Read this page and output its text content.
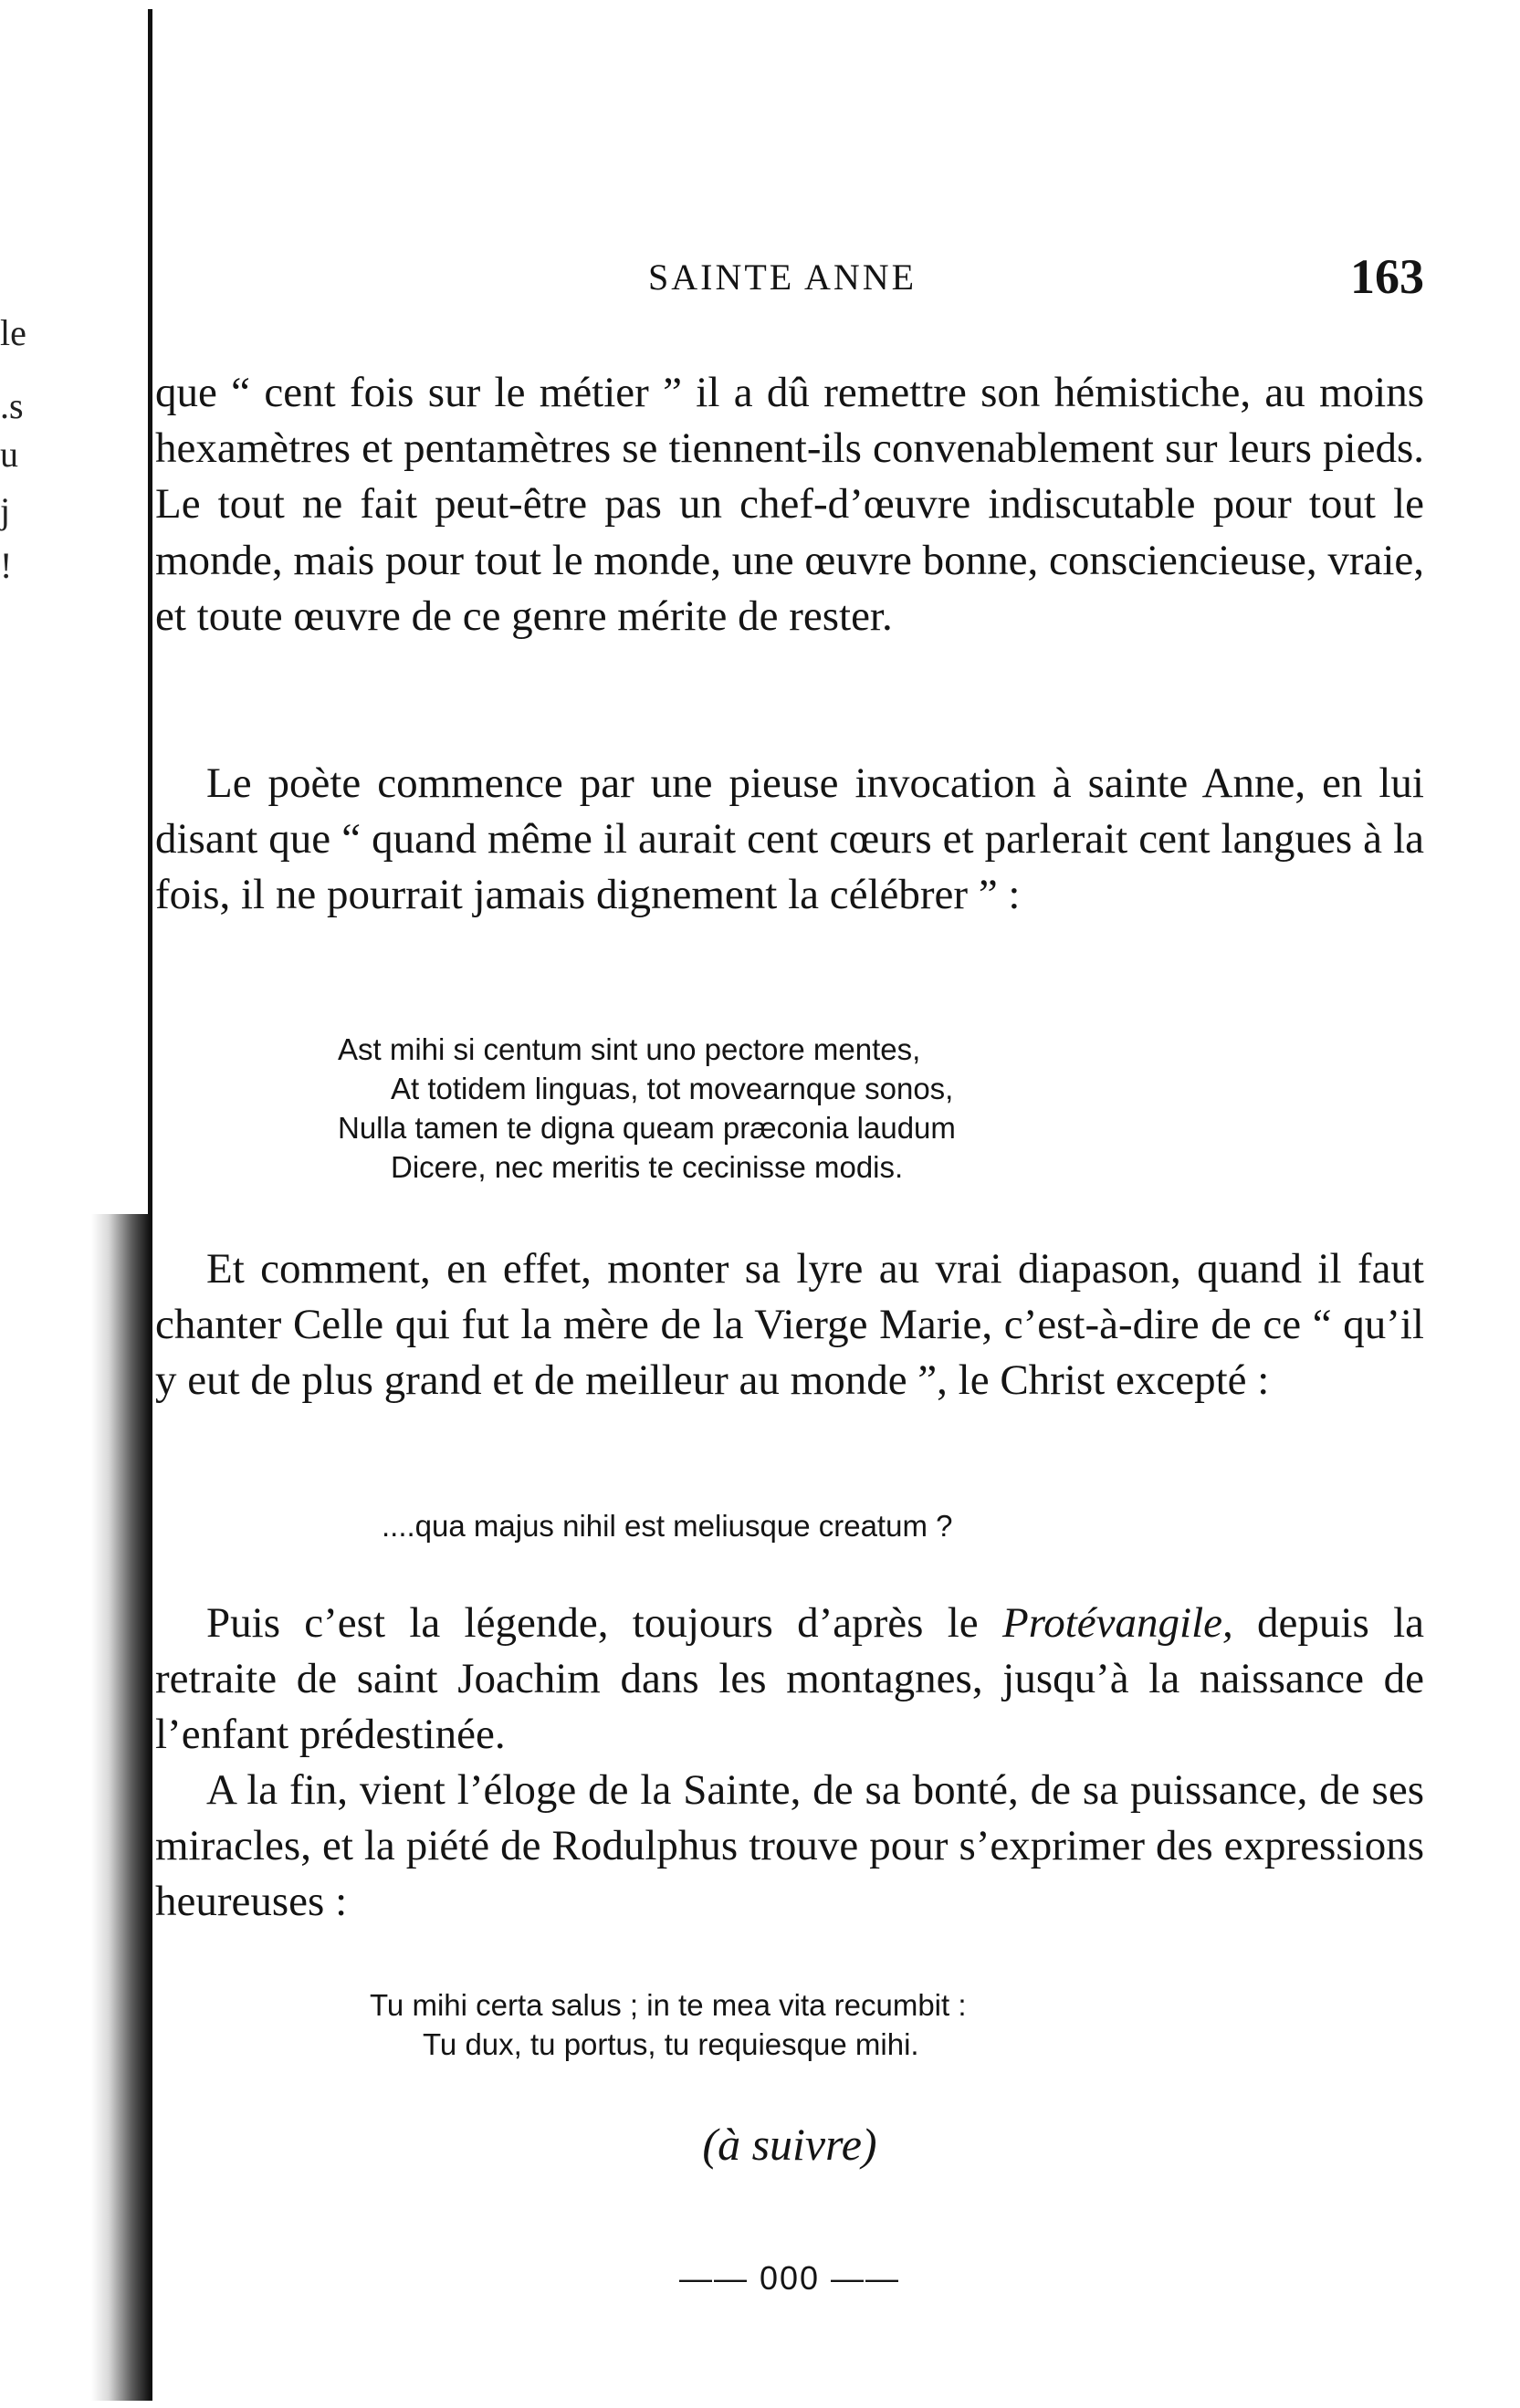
le
.s
u
j
!
SAINTE ANNE	163

que “ cent fois sur le métier ” il a dû remettre son hémistiche, au moins hexamètres et pentamètres se tiennent-ils convenablement sur leurs pieds. Le tout ne fait peut-être pas un chef-d’œuvre indiscutable pour tout le monde, mais pour tout le monde, une œuvre bonne, consciencieuse, vraie, et toute œuvre de ce genre mérite de rester.

Le poète commence par une pieuse invocation à sainte Anne, en lui disant que “ quand même il aurait cent cœurs et parlerait cent langues à la fois, il ne pourrait jamais dignement la célébrer ” :

Ast mihi si centum sint uno pectore mentes,
At totidem linguas, tot movearnque sonos,
Nulla tamen te digna queam præconia laudum
Dicere, nec meritis te cecinisse modis.

Et comment, en effet, monter sa lyre au vrai diapason, quand il faut chanter Celle qui fut la mère de la Vierge Marie, c’est-à-dire de ce “ qu’il y eut de plus grand et de meilleur au monde ”, le Christ excepté :

....qua majus nihil est meliusque creatum ?

Puis c’est la légende, toujours d’après le Protévangile, depuis la retraite de saint Joachim dans les montagnes, jusqu’à la naissance de l’enfant prédestinée.

A la fin, vient l’éloge de la Sainte, de sa bonté, de sa puissance, de ses miracles, et la piété de Rodulphus trouve pour s’exprimer des expressions heureuses :

Tu mihi certa salus ; in te mea vita recumbit :
Tu dux, tu portus, tu requiesque mihi.
(à suivre)
—— 000 ——
